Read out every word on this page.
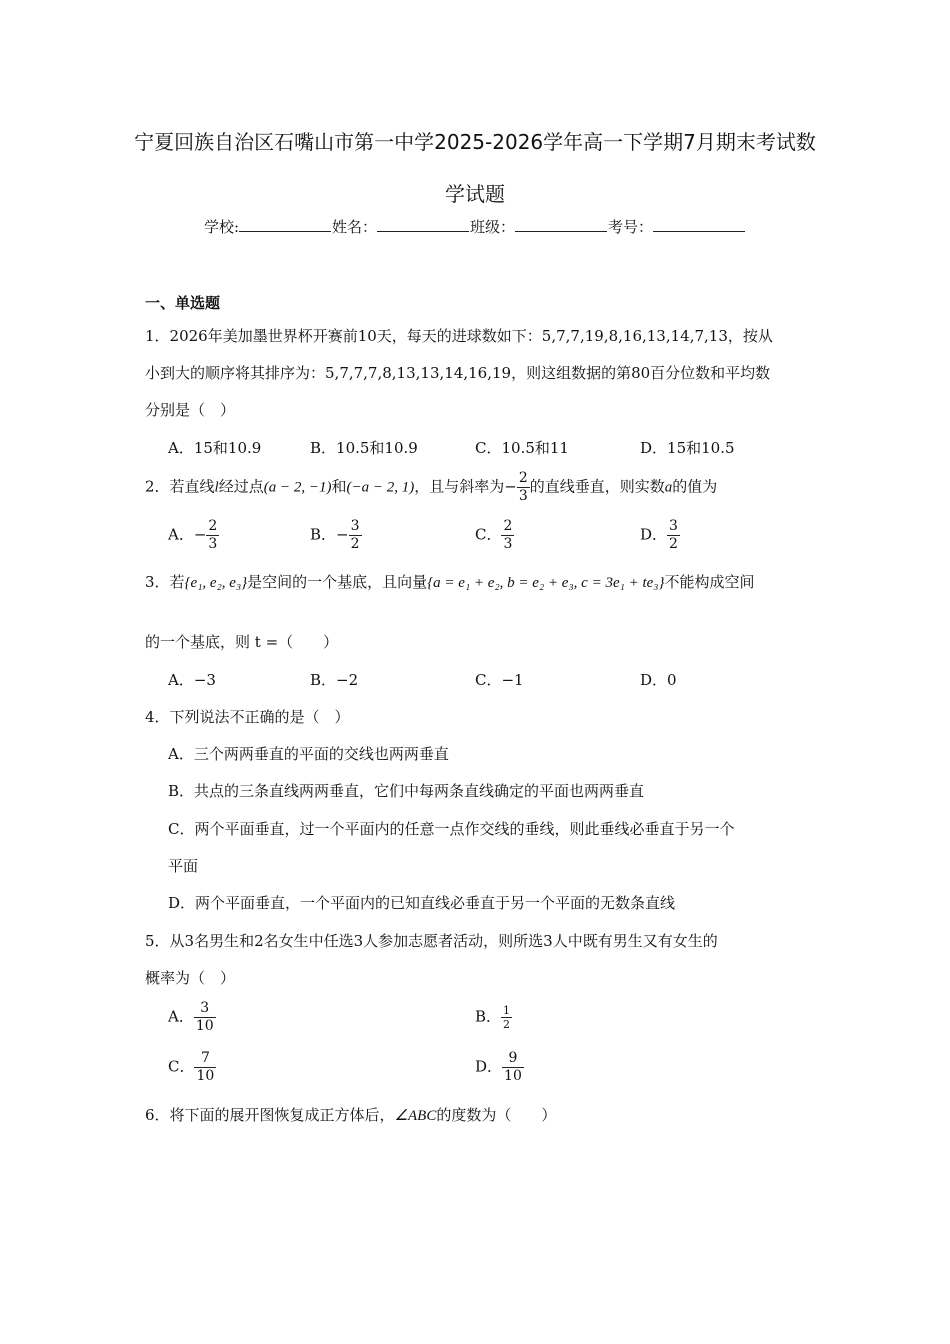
宁夏回族自治区石嘴山市第一中学2025-2026学年高一下学期7月期末考试数
学试题
学校:	姓名：	班级：	考号：
一、单选题
1．2026年美加墨世界杯开赛前10天，每天的进球数如下：5,7,7,19,8,16,13,14,7,13，按从
小到大的顺序将其排序为：5,7,7,7,8,13,13,14,16,19，则这组数据的第80百分位数和平均数
分别是（　）
A．15和10.9	B．10.5和10.9	C．10.5和11	D．15和10.5
2．若直线l经过点(a − 2, −1)和(−a − 2, 1)，且与斜率为− $\frac{2}{3}$ 的直线垂直，则实数a的值为
A．− $\frac{2}{3}$	B．− $\frac{3}{2}$	C． $\frac{2}{3}$	D． $\frac{3}{2}$
3．若{e₁, e₂, e₃}是空间的一个基底，且向量{a = e₁ + e₂, b = e₂ + e₃, c = 3e₁ + te₃}不能构成空间
的一个基底，则 t =（　　）
A．−3	B．−2	C．−1	D．0
4．下列说法不正确的是（　）
A．三个两两垂直的平面的交线也两两垂直
B．共点的三条直线两两垂直，它们中每两条直线确定的平面也两两垂直
C．两个平面垂直，过一个平面内的任意一点作交线的垂线，则此垂线必垂直于另一个
平面
D．两个平面垂直，一个平面内的已知直线必垂直于另一个平面的无数条直线
5．从3名男生和2名女生中任选3人参加志愿者活动，则所选3人中既有男生又有女生的
概率为（　）
A． $\frac{3}{10}$	B． $\frac{1}{2}$
C． $\frac{7}{10}$	D． $\frac{9}{10}$
6．将下面的展开图恢复成正方体后，∠ABC的度数为（　　）
